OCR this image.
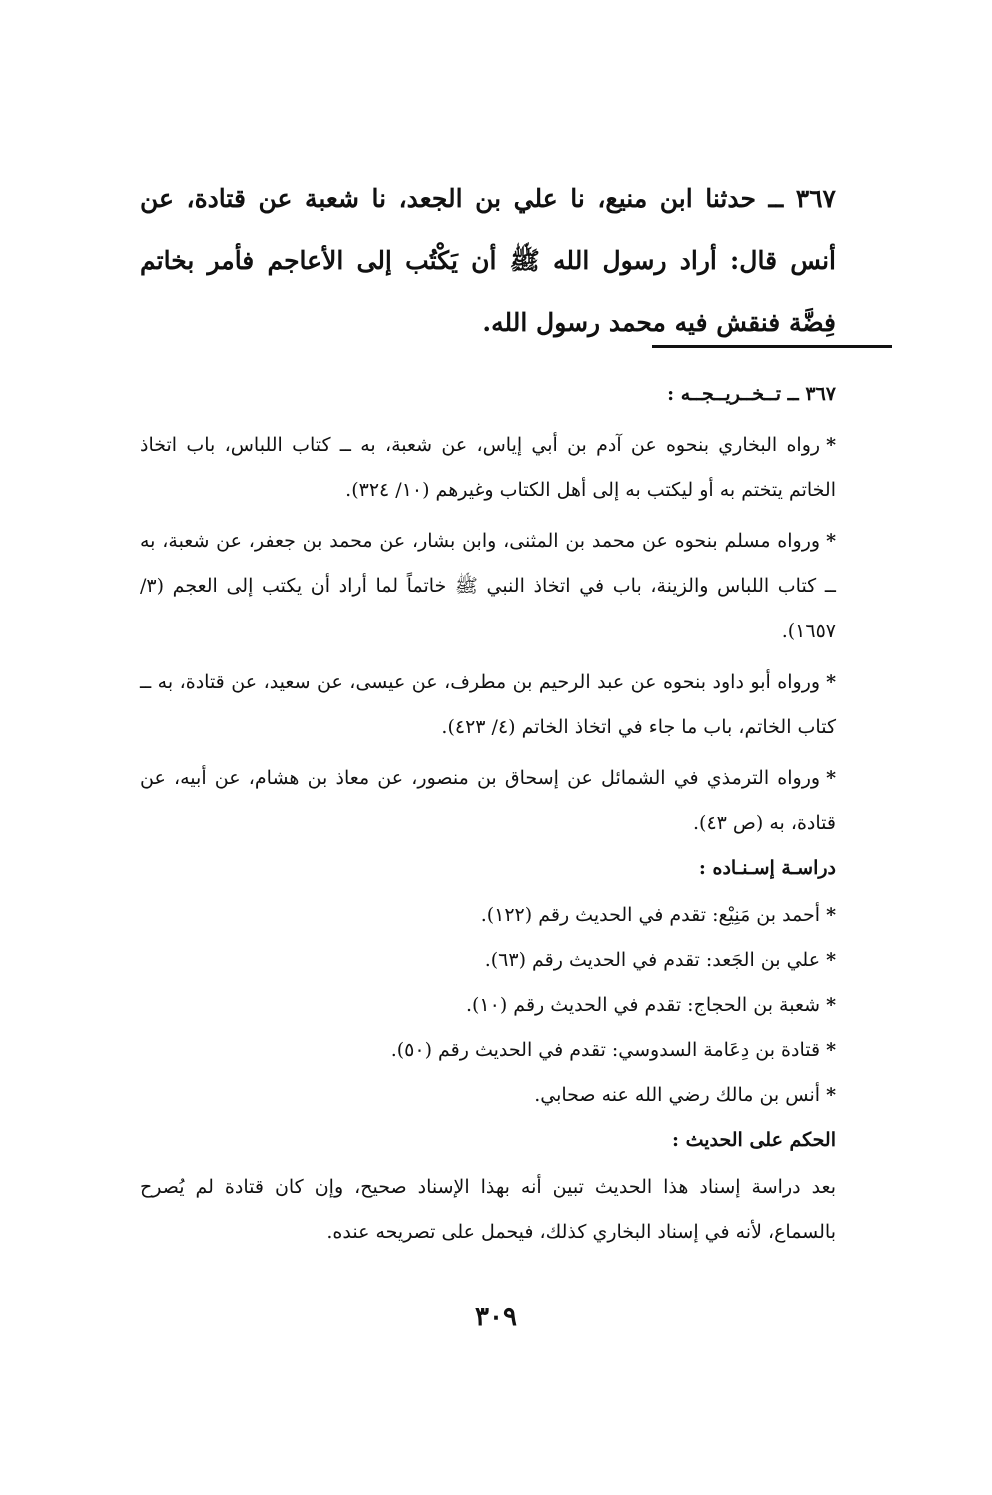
٣٦٧ ــ حدثنا ابن منيع، نا علي بن الجعد، نا شعبة عن قتادة، عن أنس قال: أراد رسول الله ﷺ أن يَكْتُب إلى الأعاجم فأمر بخاتم فِضَّة فنقش فيه محمد رسول الله.

٣٦٧ ــ تــخــريــجــه :

*رواه البخاري بنحوه عن آدم بن أبي إياس، عن شعبة، به ــ كتاب اللباس، باب اتخاذ الخاتم يتختم به أو ليكتب به إلى أهل الكتاب وغيرهم (١٠/ ٣٢٤).

*ورواه مسلم بنحوه عن محمد بن المثنى، وابن بشار، عن محمد بن جعفر، عن شعبة، به ــ كتاب اللباس والزينة، باب في اتخاذ النبي ﷺ خاتماً لما أراد أن يكتب إلى العجم (٣/ ١٦٥٧).

*ورواه أبو داود بنحوه عن عبد الرحيم بن مطرف، عن عيسى، عن سعيد، عن قتادة، به ــ كتاب الخاتم، باب ما جاء في اتخاذ الخاتم (٤/ ٤٢٣).

*ورواه الترمذي في الشمائل عن إسحاق بن منصور، عن معاذ بن هشام، عن أبيه، عن قتادة، به (ص ٤٣).

دراسـة إسـنـاده :

*أحمد بن مَنِيْع: تقدم في الحديث رقم (١٢٢).

*علي بن الجَعد: تقدم في الحديث رقم (٦٣).

*شعبة بن الحجاج: تقدم في الحديث رقم (١٠).

*قتادة بن دِعَامة السدوسي: تقدم في الحديث رقم (٥٠).

*أنس بن مالك رضي الله عنه صحابي.

الحكم على الحديث :

بعد دراسة إسناد هذا الحديث تبين أنه بهذا الإسناد صحيح، وإن كان قتادة لم يُصرح بالسماع، لأنه في إسناد البخاري كذلك، فيحمل على تصريحه عنده.

٣٠٩
